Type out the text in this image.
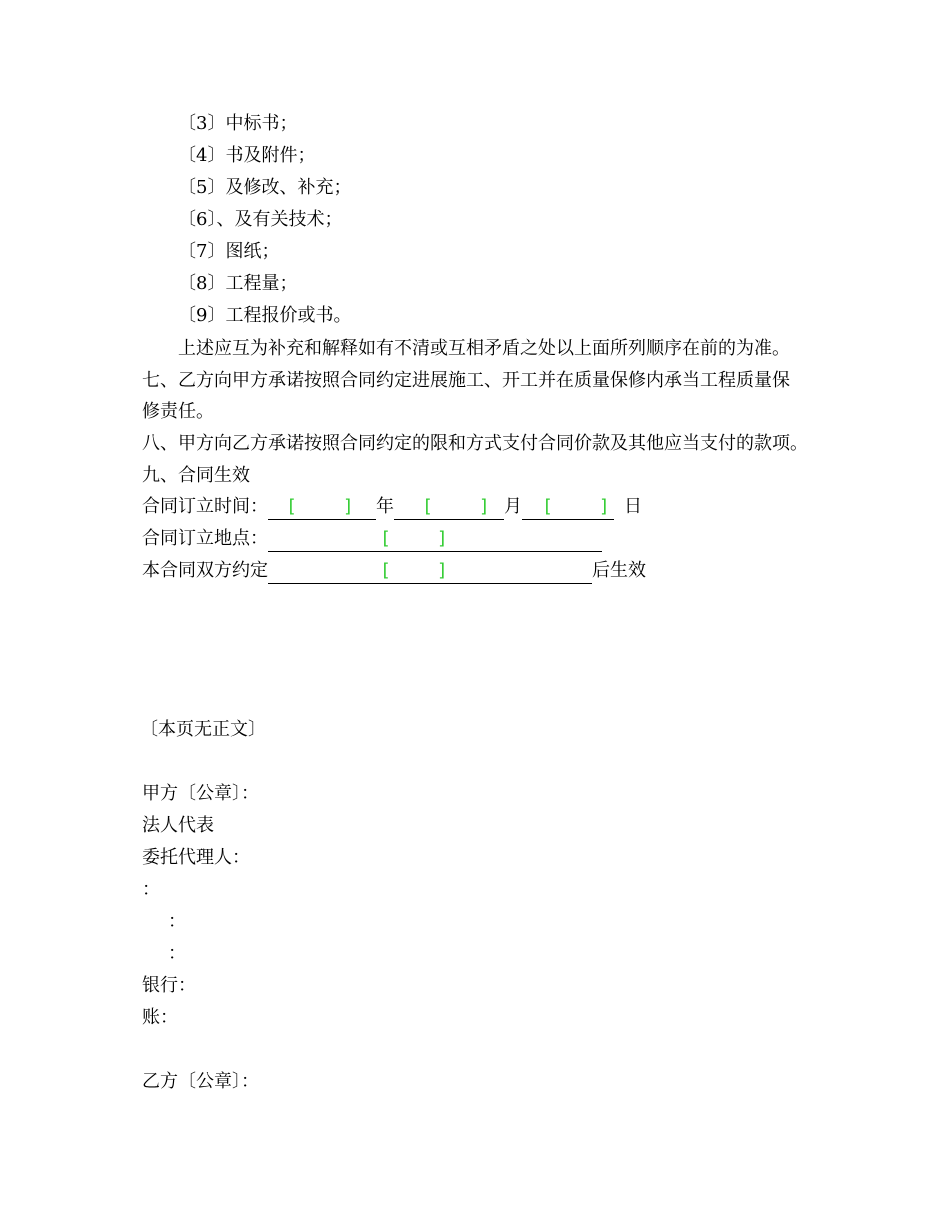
〔3〕中标书；
〔4〕书及附件；
〔5〕及修改、补充；
〔6〕、及有关技术；
〔7〕图纸；
〔8〕工程量；
〔9〕工程报价或书。
上述应互为补充和解释如有不清或互相矛盾之处以上面所列顺序在前的为准。
七、乙方向甲方承诺按照合同约定进展施工、开工并在质量保修内承当工程质量保
修责任。
八、甲方向乙方承诺按照合同约定的限和方式支付合同价款及其他应当支付的款项。
九、合同生效
合同订立时间： [	] 年 [	] 月 [	] 日
合同订立地点：	[	]
本合同双方约定	[	]	后生效
〔本页无正文〕
甲方〔公章〕：
法人代表
委托代理人：
：
：
：
银行：
账：
乙方〔公章〕：
